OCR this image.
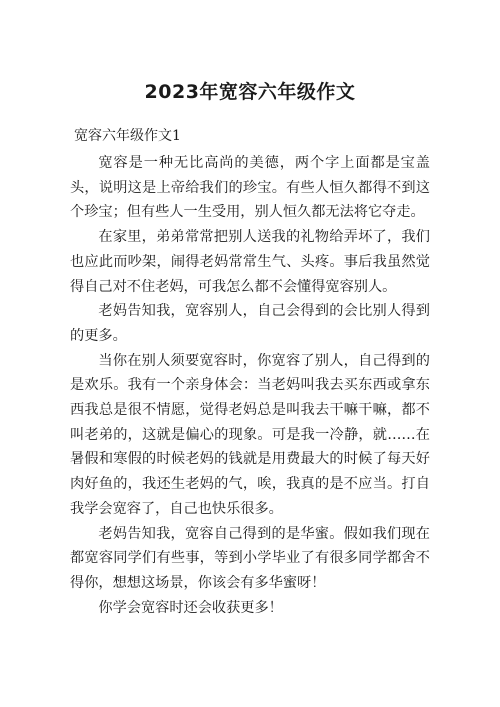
2023年宽容六年级作文
宽容六年级作文1

宽容是一种无比高尚的美德，两个字上面都是宝盖头，说明这是上帝给我们的珍宝。有些人恒久都得不到这个珍宝；但有些人一生受用，别人恒久都无法将它夺走。

在家里，弟弟常常把别人送我的礼物给弄坏了，我们也应此而吵架，闹得老妈常常生气、头疼。事后我虽然觉得自己对不住老妈，可我怎么都不会懂得宽容别人。

老妈告知我，宽容别人，自己会得到的会比别人得到的更多。

当你在别人须要宽容时，你宽容了别人，自己得到的是欢乐。我有一个亲身体会：当老妈叫我去买东西或拿东西我总是很不情愿，觉得老妈总是叫我去干嘛干嘛，都不叫老弟的，这就是偏心的现象。可是我一冷静，就……在暑假和寒假的时候老妈的钱就是用费最大的时候了每天好肉好鱼的，我还生老妈的气，唉，我真的是不应当。打自我学会宽容了，自己也快乐很多。

老妈告知我，宽容自己得到的是华蜜。假如我们现在都宽容同学们有些事，等到小学毕业了有很多同学都舍不得你，想想这场景，你该会有多华蜜呀！

你学会宽容时还会收获更多！
